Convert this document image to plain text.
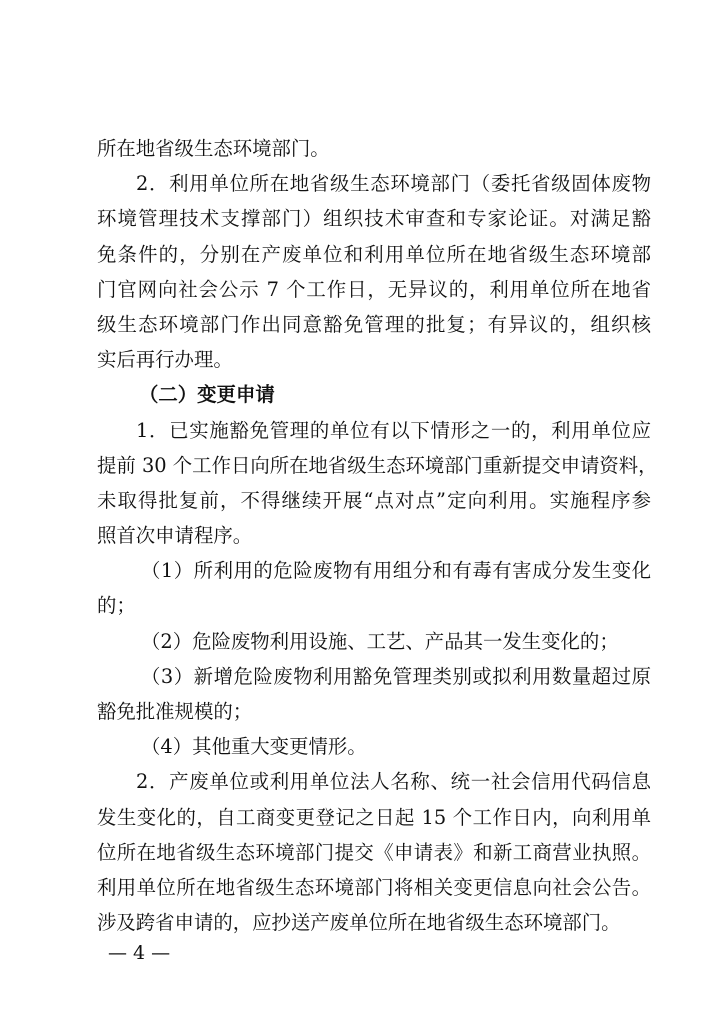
所在地省级生态环境部门。
2．利用单位所在地省级生态环境部门（委托省级固体废物
环境管理技术支撑部门）组织技术审查和专家论证。对满足豁
免条件的，分别在产废单位和利用单位所在地省级生态环境部
门官网向社会公示 7 个工作日，无异议的，利用单位所在地省
级生态环境部门作出同意豁免管理的批复；有异议的，组织核
实后再行办理。
（二）变更申请
1．已实施豁免管理的单位有以下情形之一的，利用单位应
提前 30 个工作日向所在地省级生态环境部门重新提交申请资料，
未取得批复前，不得继续开展“点对点”定向利用。实施程序参
照首次申请程序。
（1）所利用的危险废物有用组分和有毒有害成分发生变化
的；
（2）危险废物利用设施、工艺、产品其一发生变化的；
（3）新增危险废物利用豁免管理类别或拟利用数量超过原
豁免批准规模的；
（4）其他重大变更情形。
2．产废单位或利用单位法人名称、统一社会信用代码信息
发生变化的，自工商变更登记之日起 15 个工作日内，向利用单
位所在地省级生态环境部门提交《申请表》和新工商营业执照。
利用单位所在地省级生态环境部门将相关变更信息向社会公告。
涉及跨省申请的，应抄送产废单位所在地省级生态环境部门。
— 4 —
